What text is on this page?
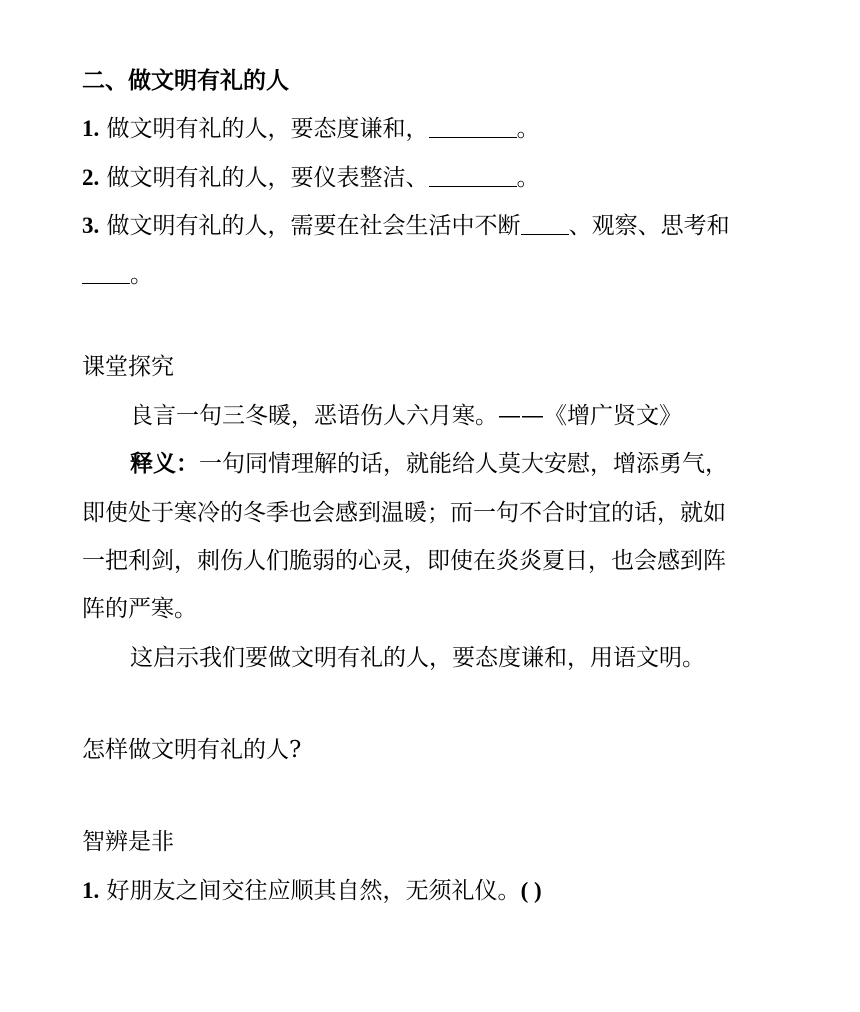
二、做文明有礼的人
1. 做文明有礼的人，要态度谦和，	。
2. 做文明有礼的人，要仪表整洁、	。
3. 做文明有礼的人，需要在社会生活中不断 、观察、思考和
。
课堂探究
良言一句三冬暖，恶语伤人六月寒。——《增广贤文》
释义：一句同情理解的话，就能给人莫大安慰，增添勇气，
即使处于寒冷的冬季也会感到温暖；而一句不合时宜的话，就如
一把利剑，刺伤人们脆弱的心灵，即使在炎炎夏日，也会感到阵
阵的严寒。
这启示我们要做文明有礼的人，要态度谦和，用语文明。
怎样做文明有礼的人?
智辨是非
1. 好朋友之间交往应顺其自然，无须礼仪。( )
